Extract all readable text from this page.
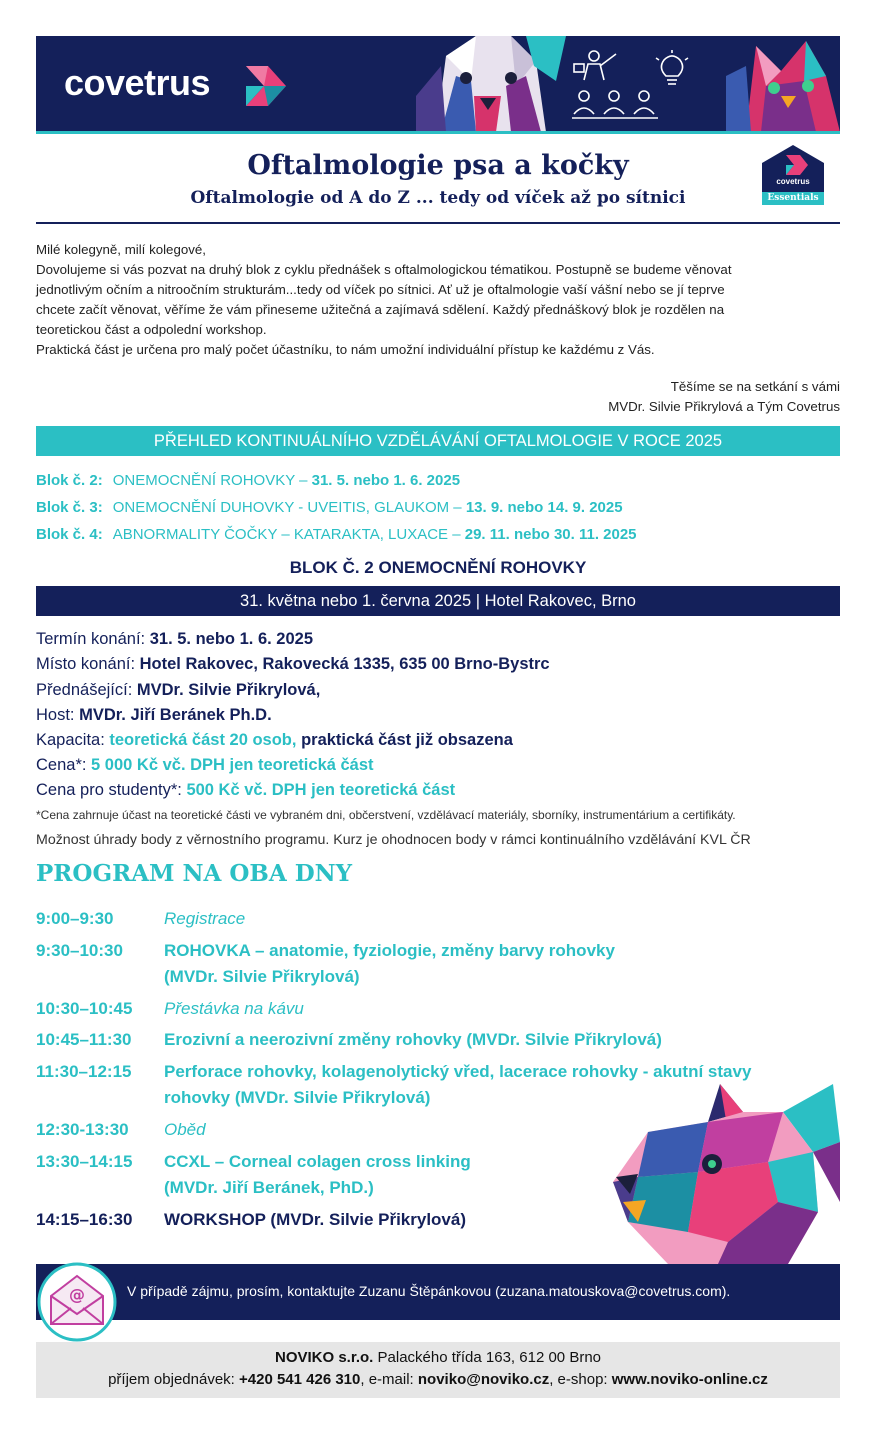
covetrus
Oftalmologie psa a kočky
Oftalmologie od A do Z ... tedy od víček až po sítnici
covetrus
Essentials
Milé kolegyně, milí kolegové,
Dovolujeme si vás pozvat na druhý blok z cyklu přednášek s oftalmologickou tématikou. Postupně se budeme věnovat
jednotlivým očním a nitroočním strukturám...tedy od víček po sítnici. Ať už je oftalmologie vaší vášní nebo se jí teprve
chcete začít věnovat, věříme že vám přineseme užitečná a zajímavá sdělení. Každý přednáškový blok je rozdělen na
teoretickou část a odpolední workshop.
Praktická část je určena pro malý počet účastníku, to nám umožní individuální přístup ke každému z Vás.
Těšíme se na setkání s vámi
MVDr. Silvie Přikrylová a Tým Covetrus
PŘEHLED KONTINUÁLNÍHO VZDĚLÁVÁNÍ OFTALMOLOGIE V ROCE 2025
Blok č. 2: ONEMOCNĚNÍ ROHOVKY – 31. 5. nebo 1. 6. 2025
Blok č. 3: ONEMOCNĚNÍ DUHOVKY - UVEITIS, GLAUKOM – 13. 9. nebo 14. 9. 2025
Blok č. 4: ABNORMALITY ČOČKY – KATARAKTA, LUXACE – 29. 11. nebo 30. 11. 2025
BLOK Č. 2 ONEMOCNĚNÍ ROHOVKY
31. května nebo 1. června 2025 | Hotel Rakovec, Brno
Termín konání: 31. 5. nebo 1. 6. 2025
Místo konání: Hotel Rakovec, Rakovecká 1335, 635 00 Brno-Bystrc
Přednášející: MVDr. Silvie Přikrylová,
Host: MVDr. Jiří Beránek Ph.D.
Kapacita: teoretická část 20 osob, praktická část již obsazena
Cena*: 5 000 Kč vč. DPH jen teoretická část
Cena pro studenty*: 500 Kč vč. DPH jen teoretická část
*Cena zahrnuje účast na teoretické části ve vybraném dni, občerstvení, vzdělávací materiály, sborníky, instrumentárium a certifikáty.
Možnost úhrady body z věrnostního programu. Kurz je ohodnocen body v rámci kontinuálního vzdělávání KVL ČR
PROGRAM NA OBA DNY
9:00–9:30	Registrace
9:30–10:30 ROHOVKA – anatomie, fyziologie, změny barvy rohovky
(MVDr. Silvie Přikrylová)
10:30–10:45 Přestávka na kávu
10:45–11:30 Erozivní a neerozivní změny rohovky (MVDr. Silvie Přikrylová)
11:30–12:15 Perforace rohovky, kolagenolytický vřed, lacerace rohovky - akutní stavy
rohovky (MVDr. Silvie Přikrylová)
12:30-13:30 Oběd
13:30–14:15 CCXL – Corneal colagen cross linking
(MVDr. Jiří Beránek, PhD.)
14:15–16:30 WORKSHOP (MVDr. Silvie Přikrylová)
@	V případě zájmu, prosím, kontaktujte Zuzanu Štěpánkovou (zuzana.matouskova@covetrus.com).
NOVIKO s.r.o. Palackého třída 163, 612 00 Brno
příjem objednávek: +420 541 426 310, e-mail: noviko@noviko.cz, e-shop: www.noviko-online.cz
